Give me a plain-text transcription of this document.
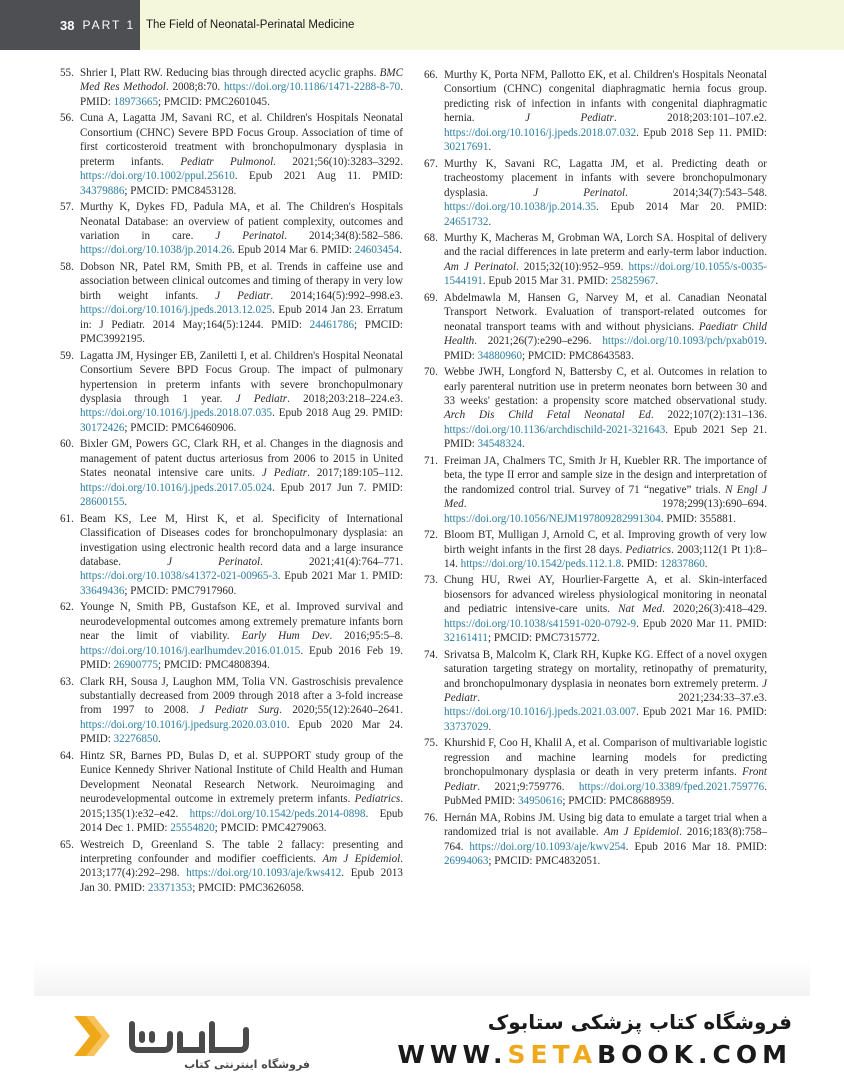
38 PART 1 The Field of Neonatal-Perinatal Medicine
55. Shrier I, Platt RW. Reducing bias through directed acyclic graphs. BMC Med Res Methodol. 2008;8:70. https://doi.org/10.1186/1471-2288-8-70. PMID: 18973665; PMCID: PMC2601045.
56. Cuna A, Lagatta JM, Savani RC, et al. Children's Hospitals Neonatal Consortium (CHNC) Severe BPD Focus Group. Association of time of first corticosteroid treatment with bronchopulmonary dysplasia in preterm infants. Pediatr Pulmonol. 2021;56(10):3283–3292. https://doi.org/10.1002/ppul.25610. Epub 2021 Aug 11. PMID: 34379886; PMCID: PMC8453128.
57. Murthy K, Dykes FD, Padula MA, et al. The Children's Hospitals Neonatal Database: an overview of patient complexity, outcomes and variation in care. J Perinatol. 2014;34(8):582–586. https://doi.org/10.1038/jp.2014.26. Epub 2014 Mar 6. PMID: 24603454.
58. Dobson NR, Patel RM, Smith PB, et al. Trends in caffeine use and association between clinical outcomes and timing of therapy in very low birth weight infants. J Pediatr. 2014;164(5):992–998.e3. https://doi.org/10.1016/j.jpeds.2013.12.025. Epub 2014 Jan 23. Erratum in: J Pediatr. 2014 May;164(5):1244. PMID: 24461786; PMCID: PMC3992195.
59. Lagatta JM, Hysinger EB, Zaniletti I, et al. Children's Hospital Neonatal Consortium Severe BPD Focus Group. The impact of pulmonary hypertension in preterm infants with severe bronchopulmonary dysplasia through 1 year. J Pediatr. 2018;203:218–224.e3. https://doi.org/10.1016/j.jpeds.2018.07.035. Epub 2018 Aug 29. PMID: 30172426; PMCID: PMC6460906.
60. Bixler GM, Powers GC, Clark RH, et al. Changes in the diagnosis and management of patent ductus arteriosus from 2006 to 2015 in United States neonatal intensive care units. J Pediatr. 2017;189:105–112. https://doi.org/10.1016/j.jpeds.2017.05.024. Epub 2017 Jun 7. PMID: 28600155.
61. Beam KS, Lee M, Hirst K, et al. Specificity of International Classification of Diseases codes for bronchopulmonary dysplasia: an investigation using electronic health record data and a large insurance database. J Perinatol. 2021;41(4):764–771. https://doi.org/10.1038/s41372-021-00965-3. Epub 2021 Mar 1. PMID: 33649436; PMCID: PMC7917960.
62. Younge N, Smith PB, Gustafson KE, et al. Improved survival and neurodevelopmental outcomes among extremely premature infants born near the limit of viability. Early Hum Dev. 2016;95:5–8. https://doi.org/10.1016/j.earlhumdev.2016.01.015. Epub 2016 Feb 19. PMID: 26900775; PMCID: PMC4808394.
63. Clark RH, Sousa J, Laughon MM, Tolia VN. Gastroschisis prevalence substantially decreased from 2009 through 2018 after a 3-fold increase from 1997 to 2008. J Pediatr Surg. 2020;55(12):2640–2641. https://doi.org/10.1016/j.jpedsurg.2020.03.010. Epub 2020 Mar 24. PMID: 32276850.
64. Hintz SR, Barnes PD, Bulas D, et al. SUPPORT study group of the Eunice Kennedy Shriver National Institute of Child Health and Human Development Neonatal Research Network. Neuroimaging and neurodevelopmental outcome in extremely preterm infants. Pediatrics. 2015;135(1):e32–e42. https://doi.org/10.1542/peds.2014-0898. Epub 2014 Dec 1. PMID: 25554820; PMCID: PMC4279063.
65. Westreich D, Greenland S. The table 2 fallacy: presenting and interpreting confounder and modifier coefficients. Am J Epidemiol. 2013;177(4):292–298. https://doi.org/10.1093/aje/kws412. Epub 2013 Jan 30. PMID: 23371353; PMCID: PMC3626058.
66. Murthy K, Porta NFM, Pallotto EK, et al. Children's Hospitals Neonatal Consortium (CHNC) congenital diaphragmatic hernia focus group. predicting risk of infection in infants with congenital diaphragmatic hernia. J Pediatr. 2018;203:101–107.e2. https://doi.org/10.1016/j.jpeds.2018.07.032. Epub 2018 Sep 11. PMID: 30217691.
67. Murthy K, Savani RC, Lagatta JM, et al. Predicting death or tracheostomy placement in infants with severe bronchopulmonary dysplasia. J Perinatol. 2014;34(7):543–548. https://doi.org/10.1038/jp.2014.35. Epub 2014 Mar 20. PMID: 24651732.
68. Murthy K, Macheras M, Grobman WA, Lorch SA. Hospital of delivery and the racial differences in late preterm and early-term labor induction. Am J Perinatol. 2015;32(10):952–959. https://doi.org/10.1055/s-0035-1544191. Epub 2015 Mar 31. PMID: 25825967.
69. Abdelmawla M, Hansen G, Narvey M, et al. Canadian Neonatal Transport Network. Evaluation of transport-related outcomes for neonatal transport teams with and without physicians. Paediatr Child Health. 2021;26(7):e290–e296. https://doi.org/10.1093/pch/pxab019. PMID: 34880960; PMCID: PMC8643583.
70. Webbe JWH, Longford N, Battersby C, et al. Outcomes in relation to early parenteral nutrition use in preterm neonates born between 30 and 33 weeks' gestation: a propensity score matched observational study. Arch Dis Child Fetal Neonatal Ed. 2022;107(2):131–136. https://doi.org/10.1136/archdischild-2021-321643. Epub 2021 Sep 21. PMID: 34548324.
71. Freiman JA, Chalmers TC, Smith Jr H, Kuebler RR. The importance of beta, the type II error and sample size in the design and interpretation of the randomized control trial. Survey of 71 “negative” trials. N Engl J Med. 1978;299(13):690–694. https://doi.org/10.1056/NEJM197809282991304. PMID: 355881.
72. Bloom BT, Mulligan J, Arnold C, et al. Improving growth of very low birth weight infants in the first 28 days. Pediatrics. 2003;112(1 Pt 1):8–14. https://doi.org/10.1542/peds.112.1.8. PMID: 12837860.
73. Chung HU, Rwei AY, Hourlier-Fargette A, et al. Skin-interfaced biosensors for advanced wireless physiological monitoring in neonatal and pediatric intensive-care units. Nat Med. 2020;26(3):418–429. https://doi.org/10.1038/s41591-020-0792-9. Epub 2020 Mar 11. PMID: 32161411; PMCID: PMC7315772.
74. Srivatsa B, Malcolm K, Clark RH, Kupke KG. Effect of a novel oxygen saturation targeting strategy on mortality, retinopathy of prematurity, and bronchopulmonary dysplasia in neonates born extremely preterm. J Pediatr. 2021;234:33–37.e3. https://doi.org/10.1016/j.jpeds.2021.03.007. Epub 2021 Mar 16. PMID: 33737029.
75. Khurshid F, Coo H, Khalil A, et al. Comparison of multivariable logistic regression and machine learning models for predicting bronchopulmonary dysplasia or death in very preterm infants. Front Pediatr. 2021;9:759776. https://doi.org/10.3389/fped.2021.759776. PubMed PMID: 34950616; PMCID: PMC8688959.
76. Hernán MA, Robins JM. Using big data to emulate a target trial when a randomized trial is not available. Am J Epidemiol. 2016;183(8):758–764. https://doi.org/10.1093/aje/kwv254. Epub 2016 Mar 18. PMID: 26994063; PMCID: PMC4832051.
فروشگاه اینترنتی کتاب
فروشگاه کتاب پزشکی ستابوک
WWW.SETABOOK.COM
